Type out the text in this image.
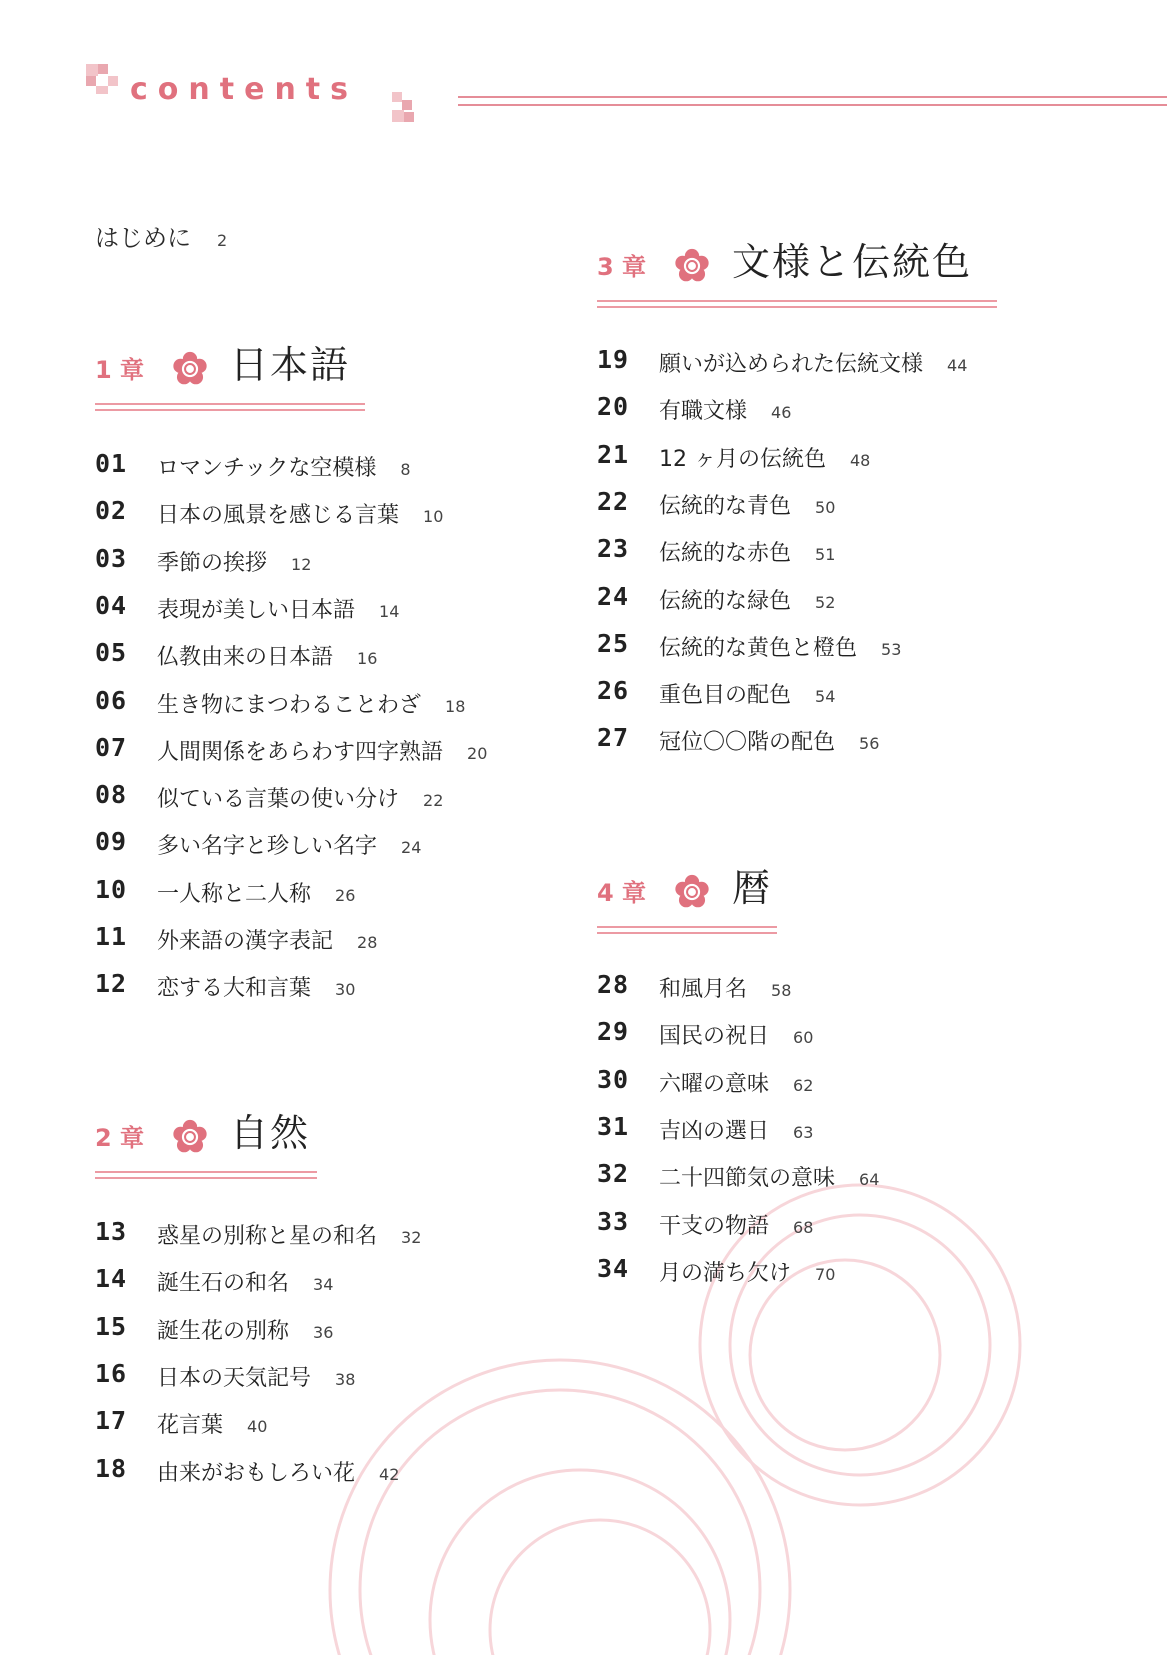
contents
はじめに 2
1 章 日本語
01 ロマンチックな空模様 8
02 日本の風景を感じる言葉 10
03 季節の挨拶 12
04 表現が美しい日本語 14
05 仏教由来の日本語 16
06 生き物にまつわることわざ 18
07 人間関係をあらわす四字熟語 20
08 似ている言葉の使い分け 22
09 多い名字と珍しい名字 24
10 一人称と二人称 26
11 外来語の漢字表記 28
12 恋する大和言葉 30
2 章 自然
13 惑星の別称と星の和名 32
14 誕生石の和名 34
15 誕生花の別称 36
16 日本の天気記号 38
17 花言葉 40
18 由来がおもしろい花 42
3 章 文様と伝統色
19 願いが込められた伝統文様 44
20 有職文様 46
21 12 ヶ月の伝統色 48
22 伝統的な青色 50
23 伝統的な赤色 51
24 伝統的な緑色 52
25 伝統的な黄色と橙色 53
26 重色目の配色 54
27 冠位〇〇階の配色 56
4 章 暦
28 和風月名 58
29 国民の祝日 60
30 六曜の意味 62
31 吉凶の選日 63
32 二十四節気の意味 64
33 干支の物語 68
34 月の満ち欠け 70
